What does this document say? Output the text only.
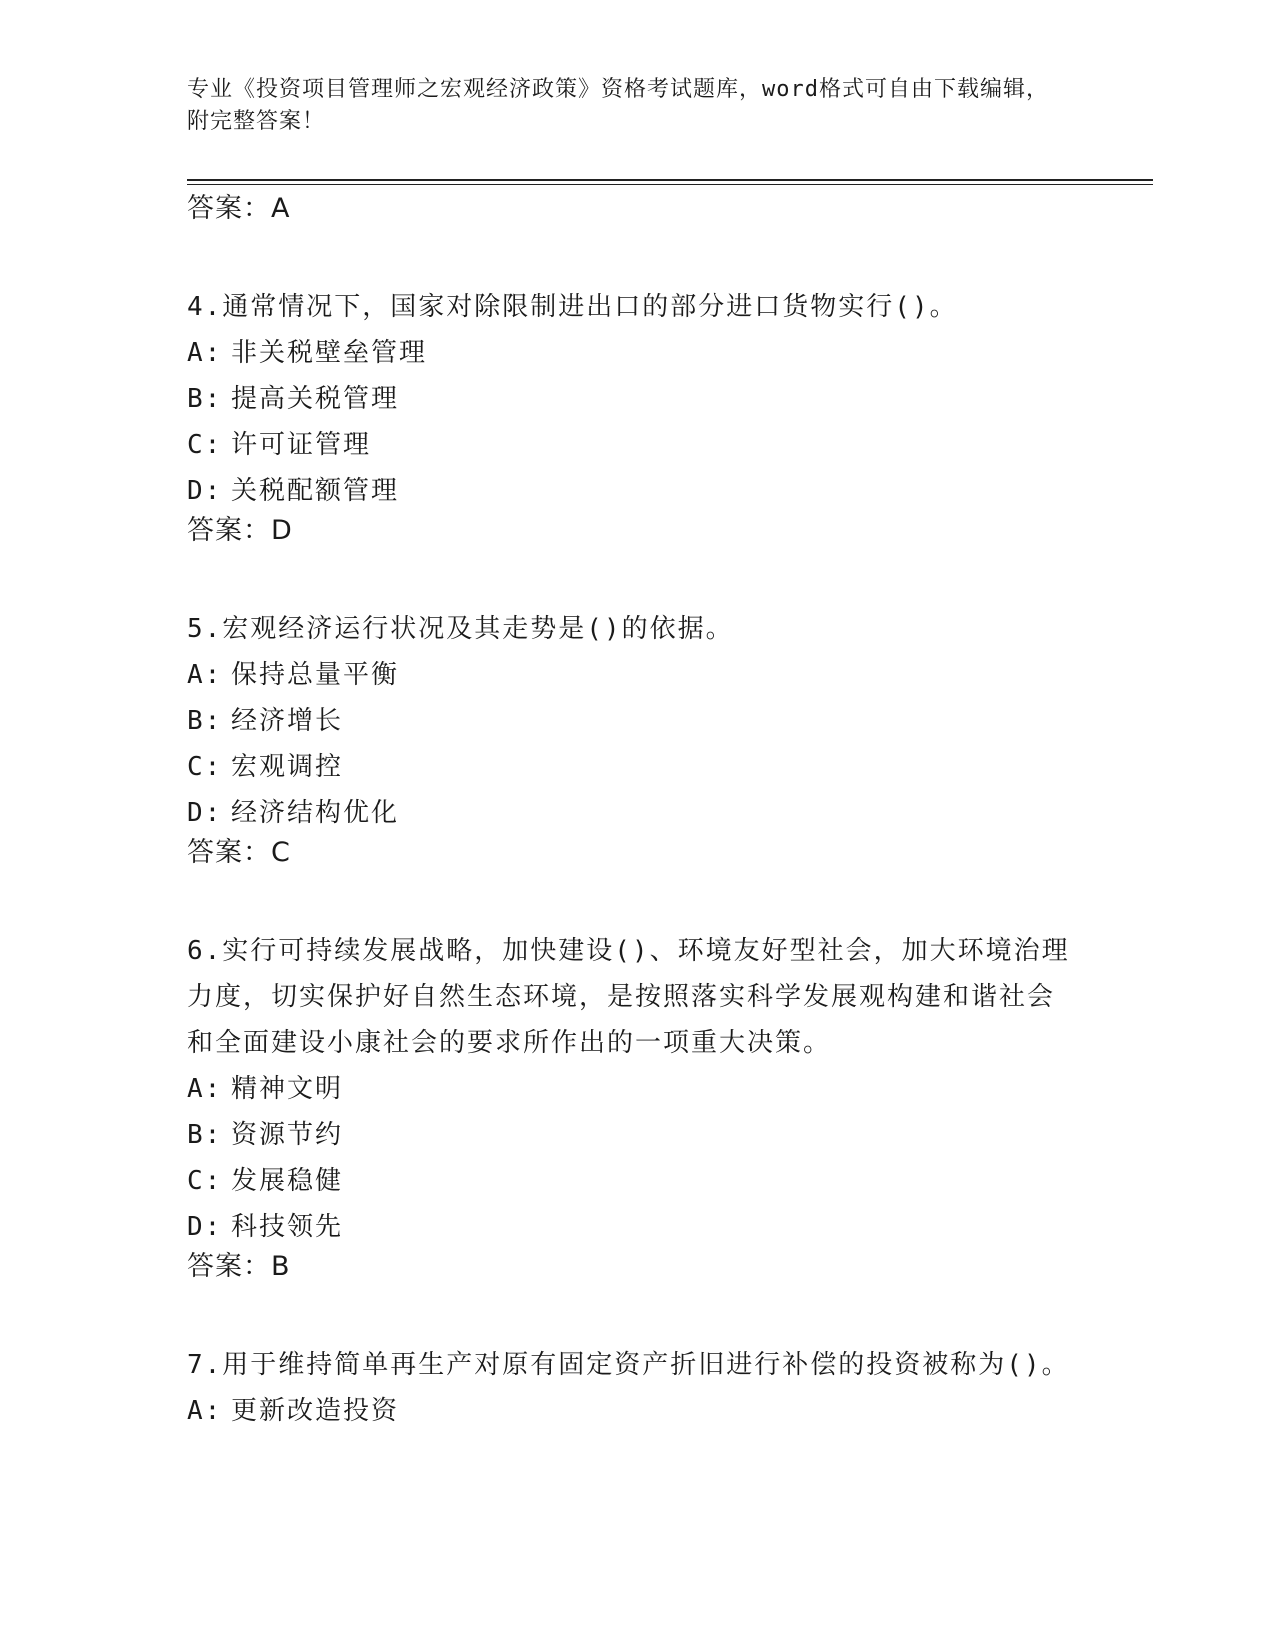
专业《投资项目管理师之宏观经济政策》资格考试题库，word格式可自由下载编辑，附完整答案！
答案：A
4.通常情况下，国家对除限制进出口的部分进口货物实行()。
A: 非关税壁垒管理
B: 提高关税管理
C: 许可证管理
D: 关税配额管理
答案：D
5.宏观经济运行状况及其走势是()的依据。
A: 保持总量平衡
B: 经济增长
C: 宏观调控
D: 经济结构优化
答案：C
6.实行可持续发展战略，加快建设()、环境友好型社会，加大环境治理力度，切实保护好自然生态环境，是按照落实科学发展观构建和谐社会和全面建设小康社会的要求所作出的一项重大决策。
A: 精神文明
B: 资源节约
C: 发展稳健
D: 科技领先
答案：B
7.用于维持简单再生产对原有固定资产折旧进行补偿的投资被称为()。
A: 更新改造投资
